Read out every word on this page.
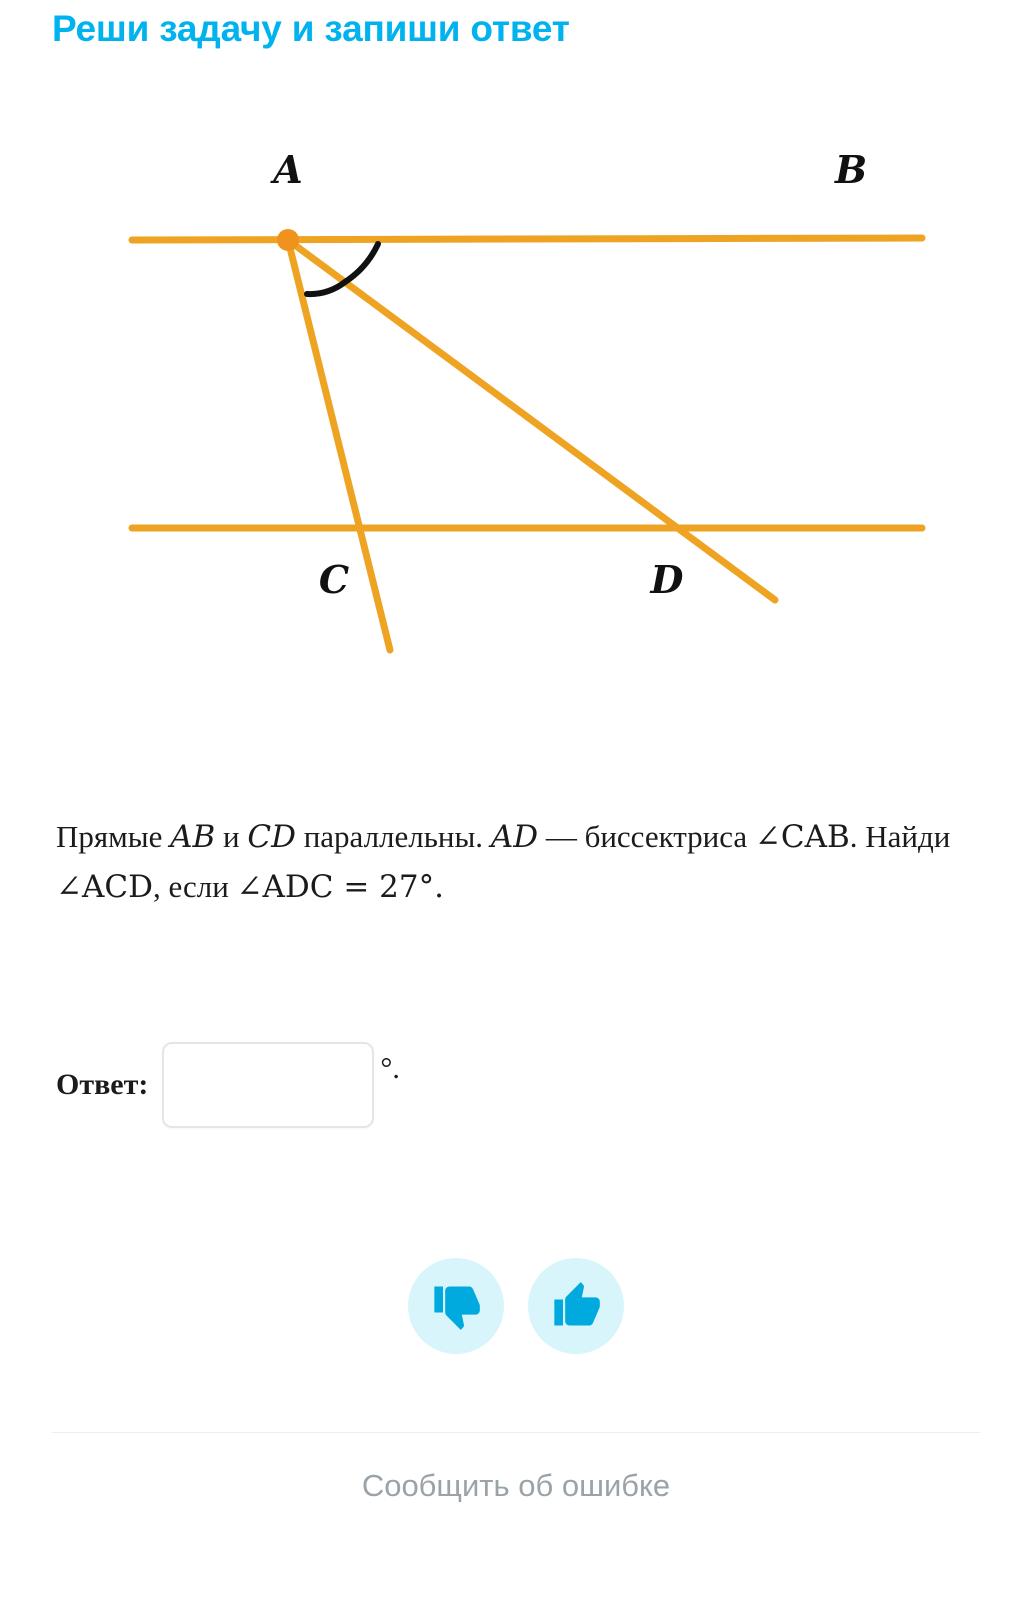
Реши задачу и запиши ответ
A	B
C	D
Прямые AB и CD параллельны. AD — биссектриса ∠CAB. Найди ∠ACD, если ∠ADC = 27°.
Ответ:	°.
Сообщить об ошибке
